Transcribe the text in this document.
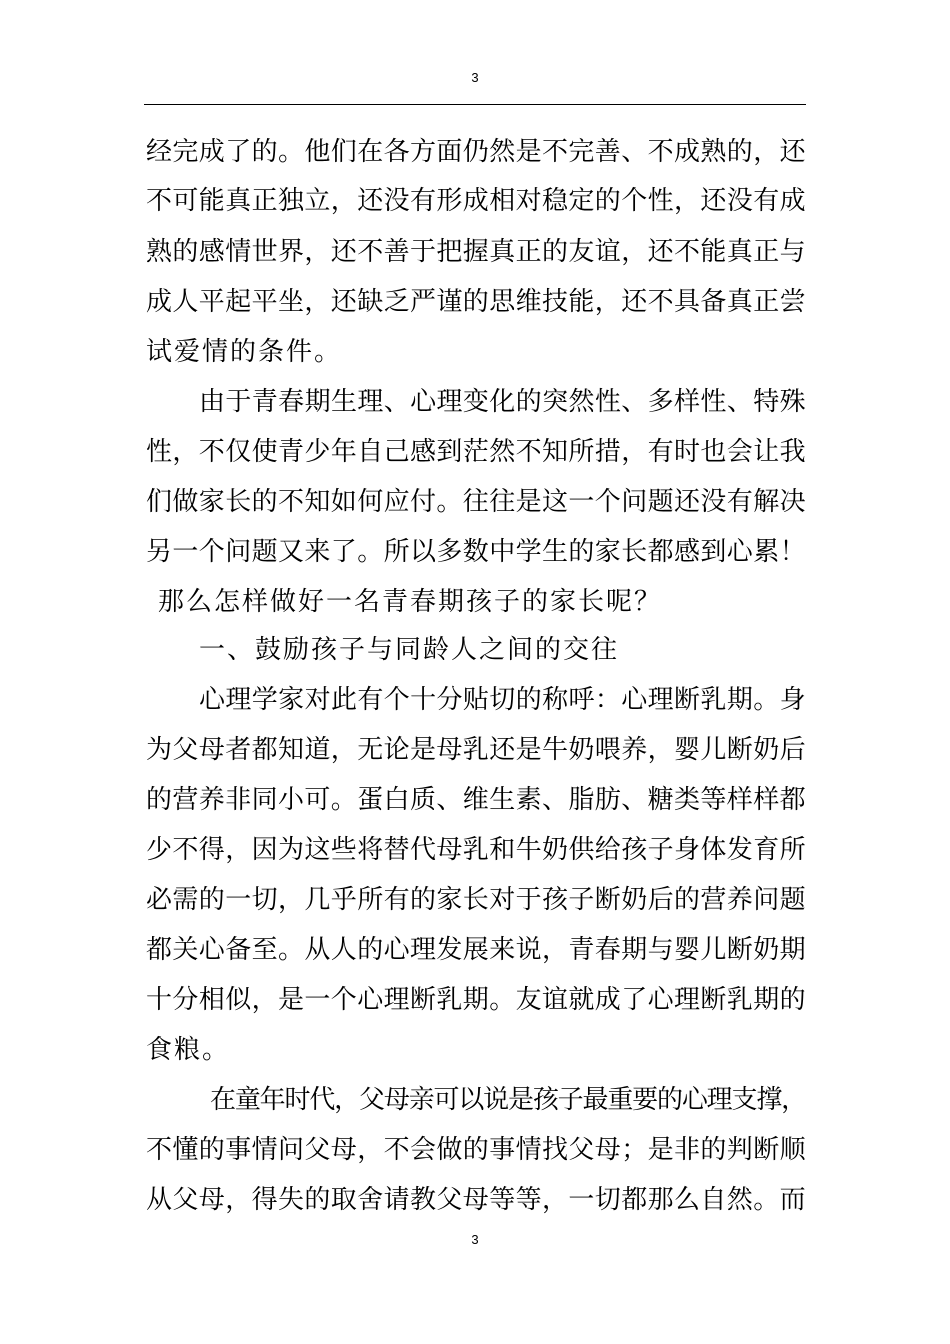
3
经完成了的。他们在各方面仍然是不完善、不成熟的，还
不可能真正独立，还没有形成相对稳定的个性，还没有成
熟的感情世界，还不善于把握真正的友谊，还不能真正与
成人平起平坐，还缺乏严谨的思维技能，还不具备真正尝
试爱情的条件。
由于青春期生理、心理变化的突然性、多样性、特殊
性，不仅使青少年自己感到茫然不知所措，有时也会让我
们做家长的不知如何应付。往往是这一个问题还没有解决
另一个问题又来了。所以多数中学生的家长都感到心累！
那么怎样做好一名青春期孩子的家长呢？
一、鼓励孩子与同龄人之间的交往
心理学家对此有个十分贴切的称呼：心理断乳期。身
为父母者都知道，无论是母乳还是牛奶喂养，婴儿断奶后
的营养非同小可。蛋白质、维生素、脂肪、糖类等样样都
少不得，因为这些将替代母乳和牛奶供给孩子身体发育所
必需的一切，几乎所有的家长对于孩子断奶后的营养问题
都关心备至。从人的心理发展来说，青春期与婴儿断奶期
十分相似，是一个心理断乳期。友谊就成了心理断乳期的
食粮。
在童年时代，父母亲可以说是孩子最重要的心理支撑，
不懂的事情问父母，不会做的事情找父母；是非的判断顺
从父母，得失的取舍请教父母等等，一切都那么自然。而
3
